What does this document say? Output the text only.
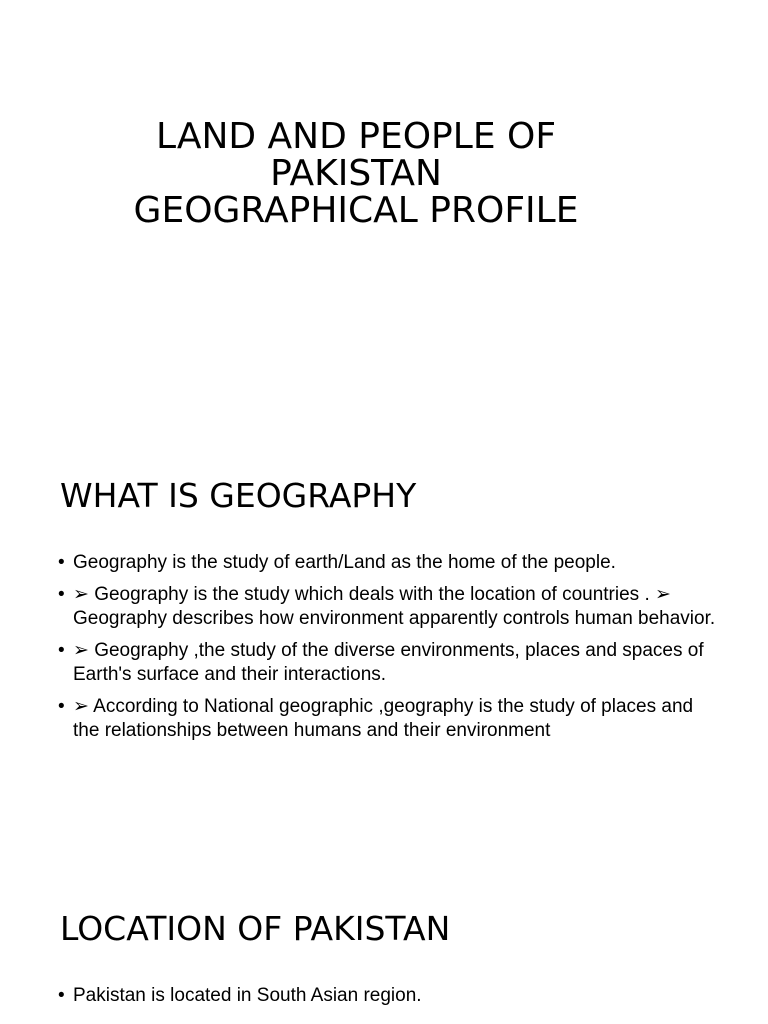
LAND AND PEOPLE OF
PAKISTAN
GEOGRAPHICAL PROFILE
WHAT IS GEOGRAPHY
• Geography is the study of earth/Land as the home of the people.
• ➢ Geography is the study which deals with the location of countries . ➢ Geography describes how environment apparently controls human behavior.
• ➢ Geography ,the study of the diverse environments, places and spaces of Earth's surface and their interactions.
• ➢ According to National geographic ,geography is the study of places and the relationships between humans and their environment
LOCATION OF PAKISTAN
• Pakistan is located in South Asian region.
